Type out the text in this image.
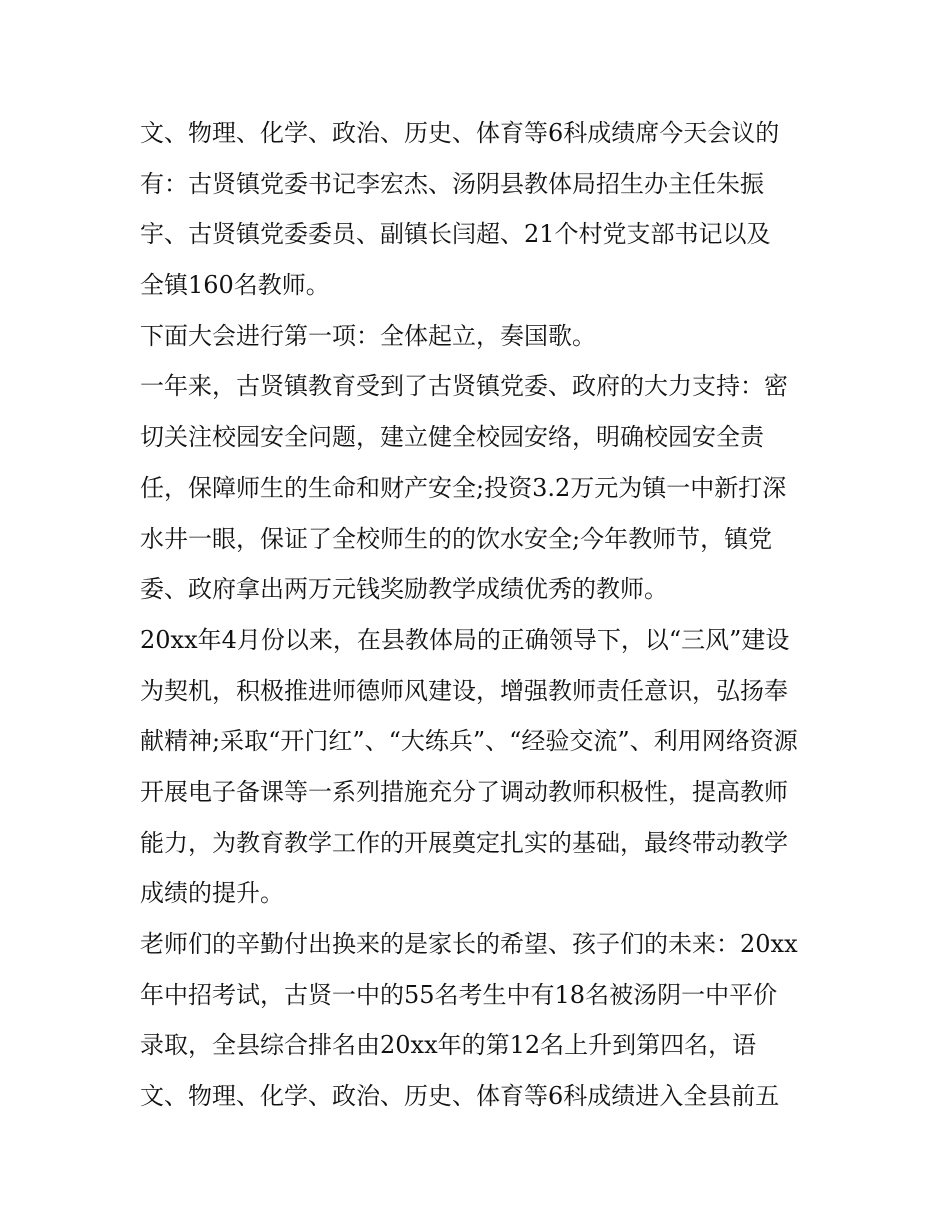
文、物理、化学、政治、历史、体育等6科成绩席今天会议的
有：古贤镇党委书记李宏杰、汤阴县教体局招生办主任朱振
宇、古贤镇党委委员、副镇长闫超、21个村党支部书记以及
全镇160名教师。
下面大会进行第一项：全体起立，奏国歌。
一年来，古贤镇教育受到了古贤镇党委、政府的大力支持：密
切关注校园安全问题，建立健全校园安络，明确校园安全责
任，保障师生的生命和财产安全;投资3.2万元为镇一中新打深
水井一眼，保证了全校师生的的饮水安全;今年教师节，镇党
委、政府拿出两万元钱奖励教学成绩优秀的教师。
20xx年4月份以来，在县教体局的正确领导下，以“三风”建设
为契机，积极推进师德师风建设，增强教师责任意识，弘扬奉
献精神;采取“开门红”、“大练兵”、“经验交流”、利用网络资源
开展电子备课等一系列措施充分了调动教师积极性，提高教师
能力，为教育教学工作的开展奠定扎实的基础，最终带动教学
成绩的提升。
老师们的辛勤付出换来的是家长的希望、孩子们的未来：20xx
年中招考试，古贤一中的55名考生中有18名被汤阴一中平价
录取，全县综合排名由20xx年的第12名上升到第四名，语
文、物理、化学、政治、历史、体育等6科成绩进入全县前五
